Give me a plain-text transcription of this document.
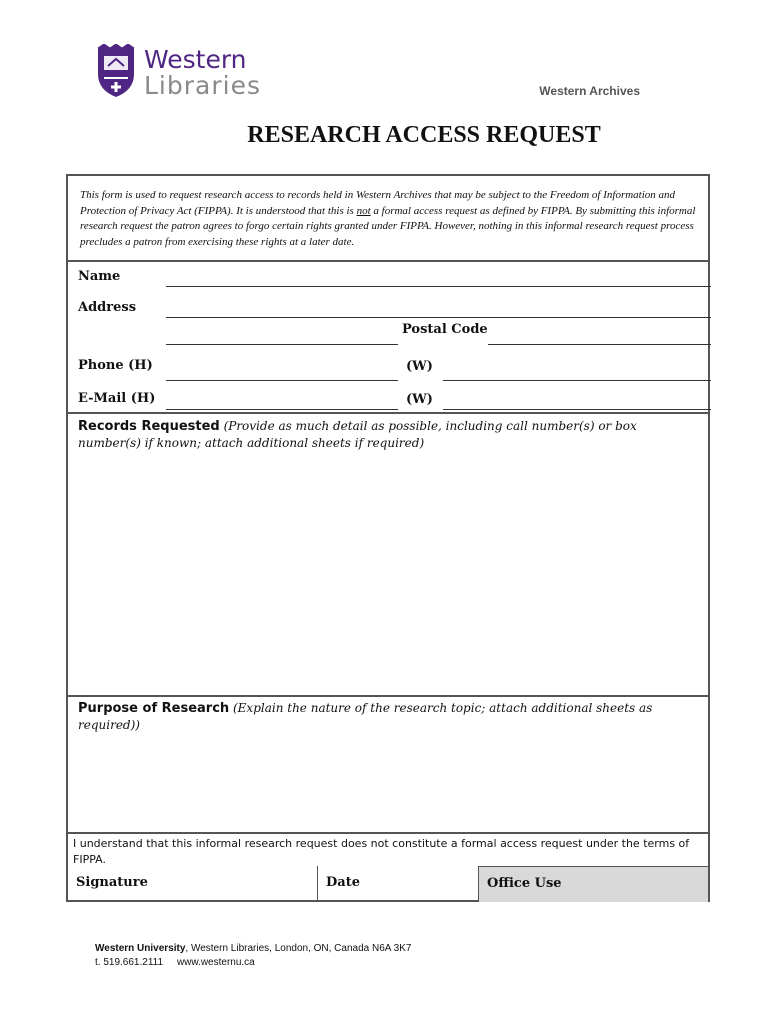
Western
Libraries	Western Archives
RESEARCH ACCESS REQUEST
This form is used to request research access to records held in Western Archives that may be subject to the Freedom of Information and Protection of Privacy Act (FIPPA). It is understood that this is not a formal access request as defined by FIPPA. By submitting this informal research request the patron agrees to forgo certain rights granted under FIPPA. However, nothing in this informal research request process precludes a patron from exercising these rights at a later date.
Name
Address
Postal Code
Phone (H)	(W)
E-Mail (H)	(W)
Records Requested (Provide as much detail as possible, including call number(s) or box number(s) if known; attach additional sheets if required)
Purpose of Research (Explain the nature of the research topic; attach additional sheets as required))
I understand that this informal research request does not constitute a formal access request under the terms of FIPPA.
Signature	Date	Office Use
Western University, Western Libraries, London, ON, Canada N6A 3K7
t. 519.661.2111 www.westernu.ca
